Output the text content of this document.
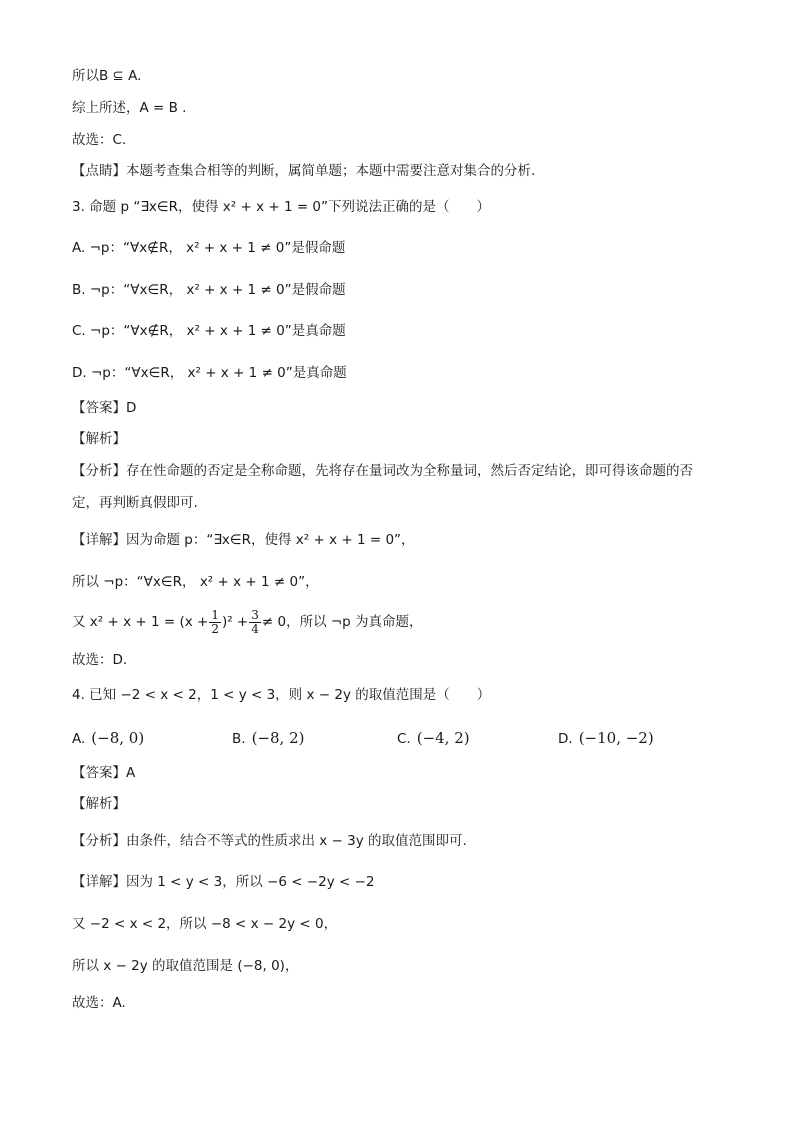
所以B ⊆ A.
综上所述，A = B .
故选：C.
【点睛】本题考查集合相等的判断，属简单题；本题中需要注意对集合的分析.
3. 命题 p “∃x∈R，使得 x² + x + 1 = 0”下列说法正确的是（　　）
A. ¬p：“∀x∉R， x² + x + 1 ≠ 0”是假命题
B. ¬p：“∀x∈R， x² + x + 1 ≠ 0”是假命题
C. ¬p：“∀x∉R， x² + x + 1 ≠ 0”是真命题
D. ¬p：“∀x∈R， x² + x + 1 ≠ 0”是真命题
【答案】D
【解析】
【分析】存在性命题的否定是全称命题，先将存在量词改为全称量词，然后否定结论，即可得该命题的否
定，再判断真假即可.
【详解】因为命题 p：“∃x∈R，使得 x² + x + 1 = 0”，
所以 ¬p：“∀x∈R， x² + x + 1 ≠ 0”，
又 $x^2 + x + 1 = (x + \frac{1}{2} )^2 + \frac{3}{4} \ne 0$，所以 ¬p 为真命题，
故选：D.
4. 已知 −2 < x < 2，1 < y < 3，则 x − 2y 的取值范围是（　　）
A. (−8, 0)	B. (−8, 2)	C. (−4, 2)	D. (−10, −2)
【答案】A
【解析】
【分析】由条件，结合不等式的性质求出 x − 3y 的取值范围即可.
【详解】因为 1 < y < 3，所以 −6 < −2y < −2
又 −2 < x < 2，所以 −8 < x − 2y < 0，
所以 x − 2y 的取值范围是 (−8, 0)，
故选：A.
